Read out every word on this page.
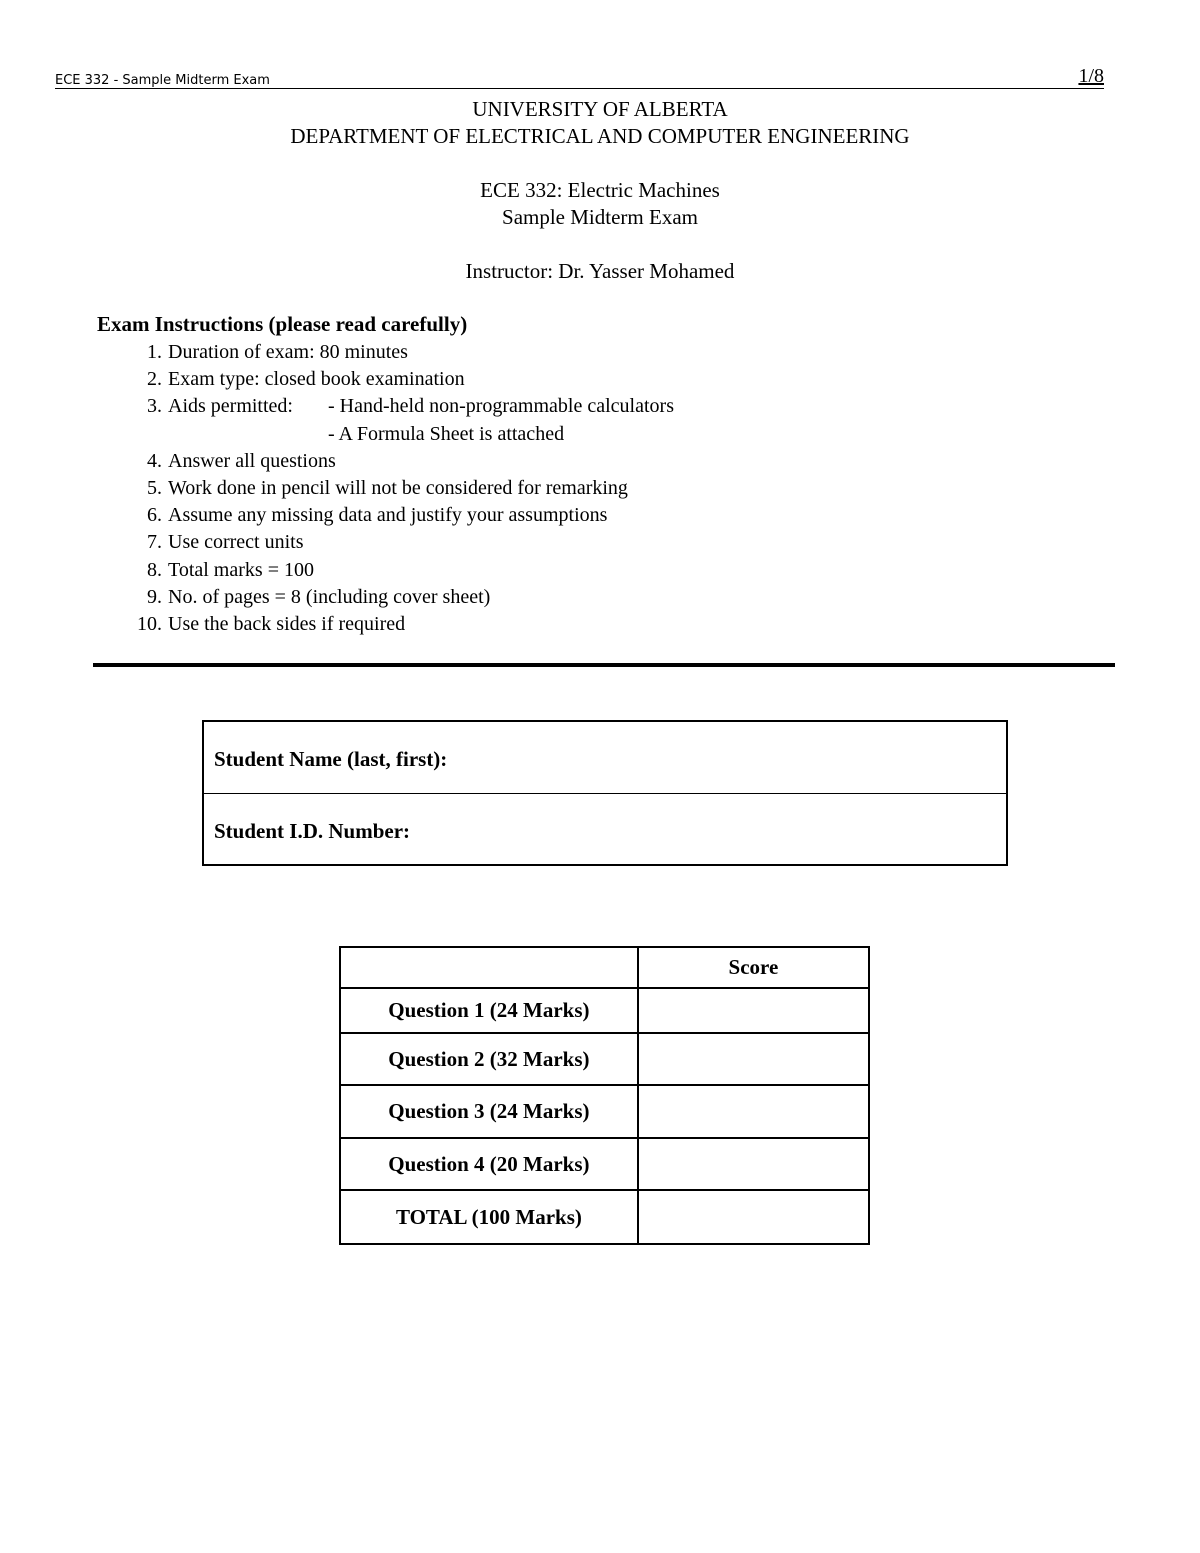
ECE 332 - Sample Midterm Exam	1/8
UNIVERSITY OF ALBERTA
DEPARTMENT OF ELECTRICAL AND COMPUTER ENGINEERING
ECE 332: Electric Machines
Sample Midterm Exam
Instructor: Dr. Yasser Mohamed
Exam Instructions (please read carefully)
1. Duration of exam: 80 minutes
2. Exam type: closed book examination
3. Aids permitted: - Hand-held non-programmable calculators
- A Formula Sheet is attached
4. Answer all questions
5. Work done in pencil will not be considered for remarking
6. Assume any missing data and justify your assumptions
7. Use correct units
8. Total marks = 100
9. No. of pages = 8 (including cover sheet)
10. Use the back sides if required
Student Name (last, first):
Student I.D. Number:
	Score
Question 1 (24 Marks)	
Question 2 (32 Marks)	
Question 3 (24 Marks)	
Question 4 (20 Marks)	
TOTAL (100 Marks)	
